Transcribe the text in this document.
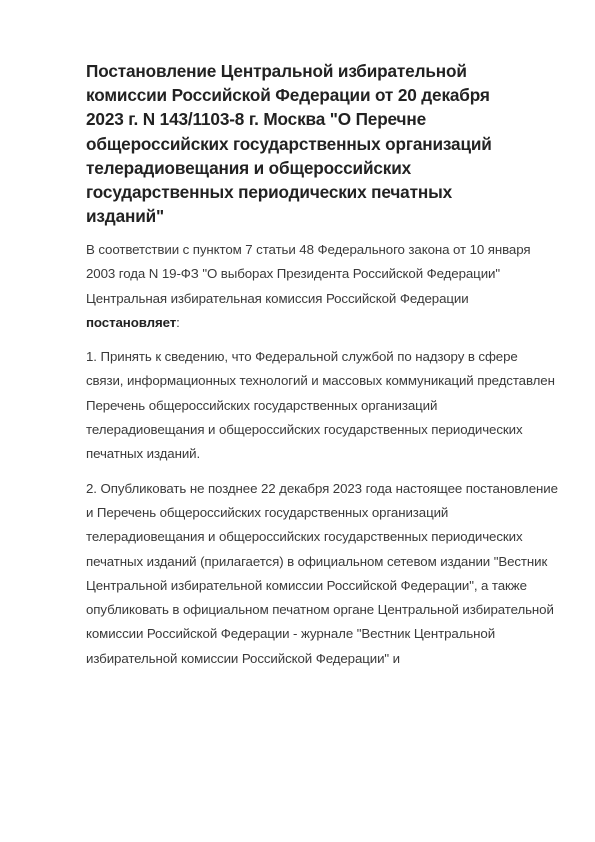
Постановление Центральной избирательной комиссии Российской Федерации от 20 декабря 2023 г. N 143/1103-8 г. Москва "О Перечне общероссийских государственных организаций телерадиовещания и общероссийских государственных периодических печатных изданий"

В соответствии с пунктом 7 статьи 48 Федерального закона от 10 января 2003 года N 19-ФЗ "О выборах Президента Российской Федерации" Центральная избирательная комиссия Российской Федерации постановляет:

1. Принять к сведению, что Федеральной службой по надзору в сфере связи, информационных технологий и массовых коммуникаций представлен Перечень общероссийских государственных организаций телерадиовещания и общероссийских государственных периодических печатных изданий.

2. Опубликовать не позднее 22 декабря 2023 года настоящее постановление и Перечень общероссийских государственных организаций телерадиовещания и общероссийских государственных периодических печатных изданий (прилагается) в официальном сетевом издании "Вестник Центральной избирательной комиссии Российской Федерации", а также опубликовать в официальном печатном органе Центральной избирательной комиссии Российской Федерации - журнале "Вестник Центральной избирательной комиссии Российской Федерации" и
